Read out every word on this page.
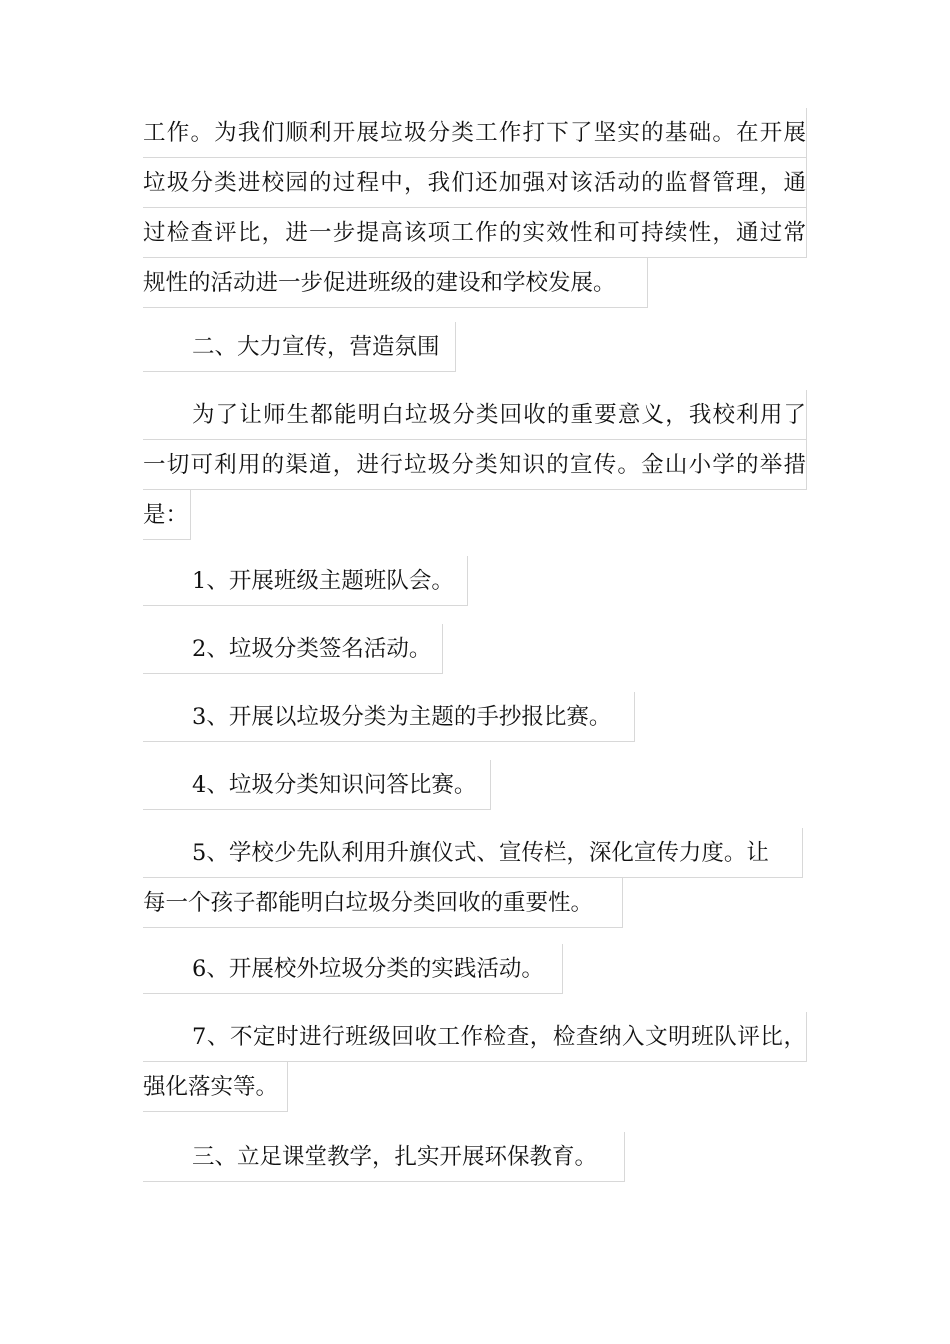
工作。为我们顺利开展垃圾分类工作打下了坚实的基础。在开展
垃圾分类进校园的过程中，我们还加强对该活动的监督管理，通
过检查评比，进一步提高该项工作的实效性和可持续性，通过常
规性的活动进一步促进班级的建设和学校发展。
二、大力宣传，营造氛围
为了让师生都能明白垃圾分类回收的重要意义，我校利用了
一切可利用的渠道，进行垃圾分类知识的宣传。金山小学的举措
是：
1、开展班级主题班队会。
2、垃圾分类签名活动。
3、开展以垃圾分类为主题的手抄报比赛。
4、垃圾分类知识问答比赛。
5、学校少先队利用升旗仪式、宣传栏，深化宣传力度。让
每一个孩子都能明白垃圾分类回收的重要性。
6、开展校外垃圾分类的实践活动。
7、不定时进行班级回收工作检查，检查纳入文明班队评比，
强化落实等。
三、立足课堂教学，扎实开展环保教育。
